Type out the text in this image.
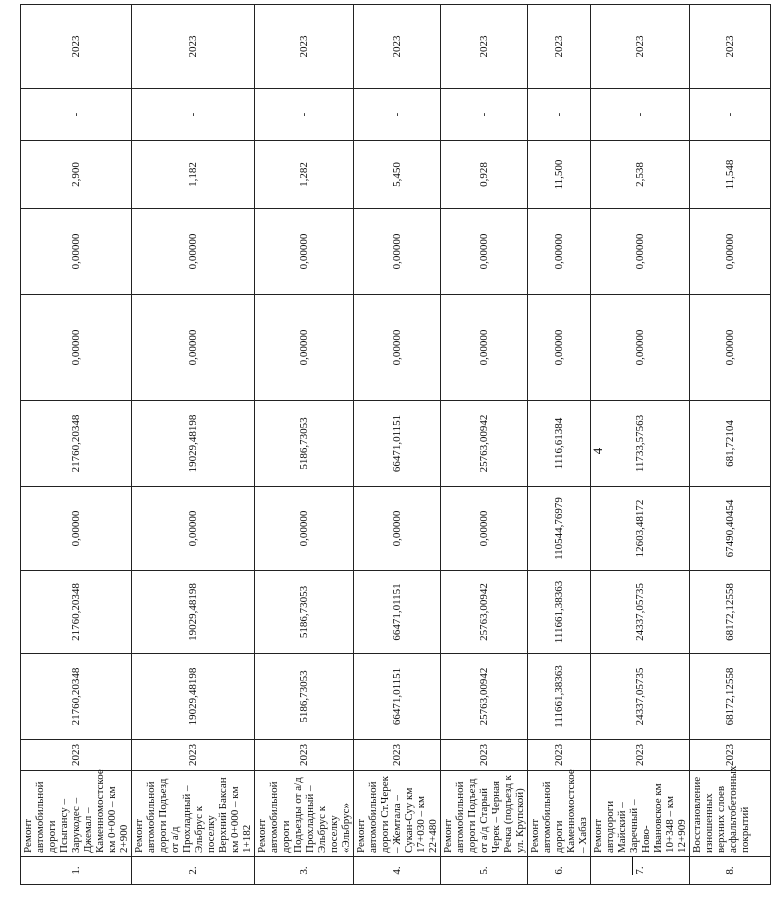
1.	Ремонт автомобильной дороги Псыгансу – Зарукодес – Джемал – Каменномостское км 0+000 – км 2+900	2023	21760,20348	21760,20348	0,00000	21760,20348	0,00000	0,00000	2,900	-	2023
2.	Ремонт автомобильной дороги Подъезд от а/д Прохладный – Эльбрус к поселку Верхний Баксан км 0+000 – км 1+182	2023	19029,48198	19029,48198	0,00000	19029,48198	0,00000	0,00000	1,182	-	2023
3.	Ремонт автомобильной дороги Подъезды от а/д Прохладный – Эльбрус к поселку «Эльбрус»	2023	5186,73053	5186,73053	0,00000	5186,73053	0,00000	0,00000	1,282	-	2023
4.	Ремонт автомобильной дороги Ст.Черек – Жемтала – Сукан-Суу км 17+030 – км 22+480	2023	66471,01151	66471,01151	0,00000	66471,01151	0,00000	0,00000	5,450	-	2023
5.	Ремонт автомобильной дороги Подъезд от а/д Старый Черек – Черная Речка (подъезд к ул. Крупской)	2023	25763,00942	25763,00942	0,00000	25763,00942	0,00000	0,00000	0,928	-	2023
6.	Ремонт автомобильной дороги Каменномостское – Хабаз	2023	111661,38363	111661,38363	110544,76979	1116,61384	0,00000	0,00000	11,500	-	2023
7.	Ремонт автодороги Майский – Заречный – Ново-Ивановское км 10+348 – км 12+909	2023	24337,05735	24337,05735	12603,48172	11733,57563	0,00000	0,00000	2,538	-	2023
8.	Восстановление изношенных верхних слоев асфальтобетонных покрытий	2023	68172,12558	68172,12558	67490,40454	681,72104	0,00000	0,00000	11,548	-	2023
4
